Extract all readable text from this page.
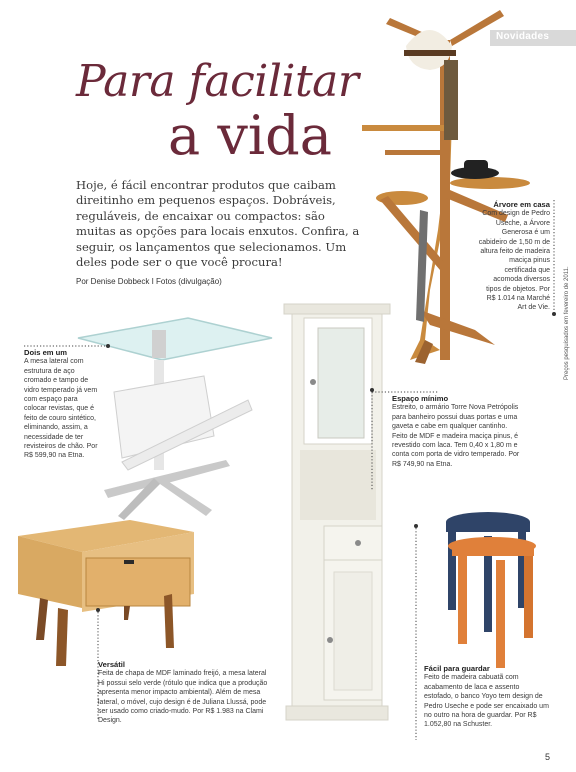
Novidades
Para facilitar
a vida

Hoje, é fácil encontrar produtos que caibam direitinho em pequenos espaços. Dobráveis, reguláveis, de encaixar ou compactos: são muitas as opções para locais enxutos. Confira, a seguir, os lançamentos que selecionamos. Um deles pode ser o que você procura!

Por Denise Dobbeck I Fotos (divulgação)

Árvore em casa
Com design de Pedro Useche, a Árvore Generosa é um cabideiro de 1,50 m de altura feito de madeira maciça pinus certificada que acomoda diversos tipos de objetos. Por R$ 1.014 na Marché Art de Vie.

Dois em um
A mesa lateral com estrutura de aço cromado e tampo de vidro temperado já vem com espaço para colocar revistas, que é feito de couro sintético, eliminando, assim, a necessidade de ter revisteiros de chão. Por R$ 599,90 na Etna.

Espaço mínimo
Estreito, o armário Torre Nova Petrópolis para banheiro possui duas portas e uma gaveta e cabe em qualquer cantinho. Feito de MDF e madeira maciça pinus, é revestido com laca. Tem 0,40 x 1,80 m e conta com porta de vidro temperado. Por R$ 749,90 na Etna.

Versátil
Feita de chapa de MDF laminado freijó, a mesa lateral Hi possui selo verde (rótulo que indica que a produção apresenta menor impacto ambiental). Além de mesa lateral, o móvel, cujo design é de Juliana Llussá, pode ser usado como criado-mudo. Por R$ 1.983 na Clami Design.

Fácil para guardar
Feito de madeira cabuatã com acabamento de laca e assento estofado, o banco Yoyo tem design de Pedro Useche e pode ser encaixado um no outro na hora de guardar. Por R$ 1.052,80 na Schuster.

Preços pesquisados em fevereiro de 2011.
5
